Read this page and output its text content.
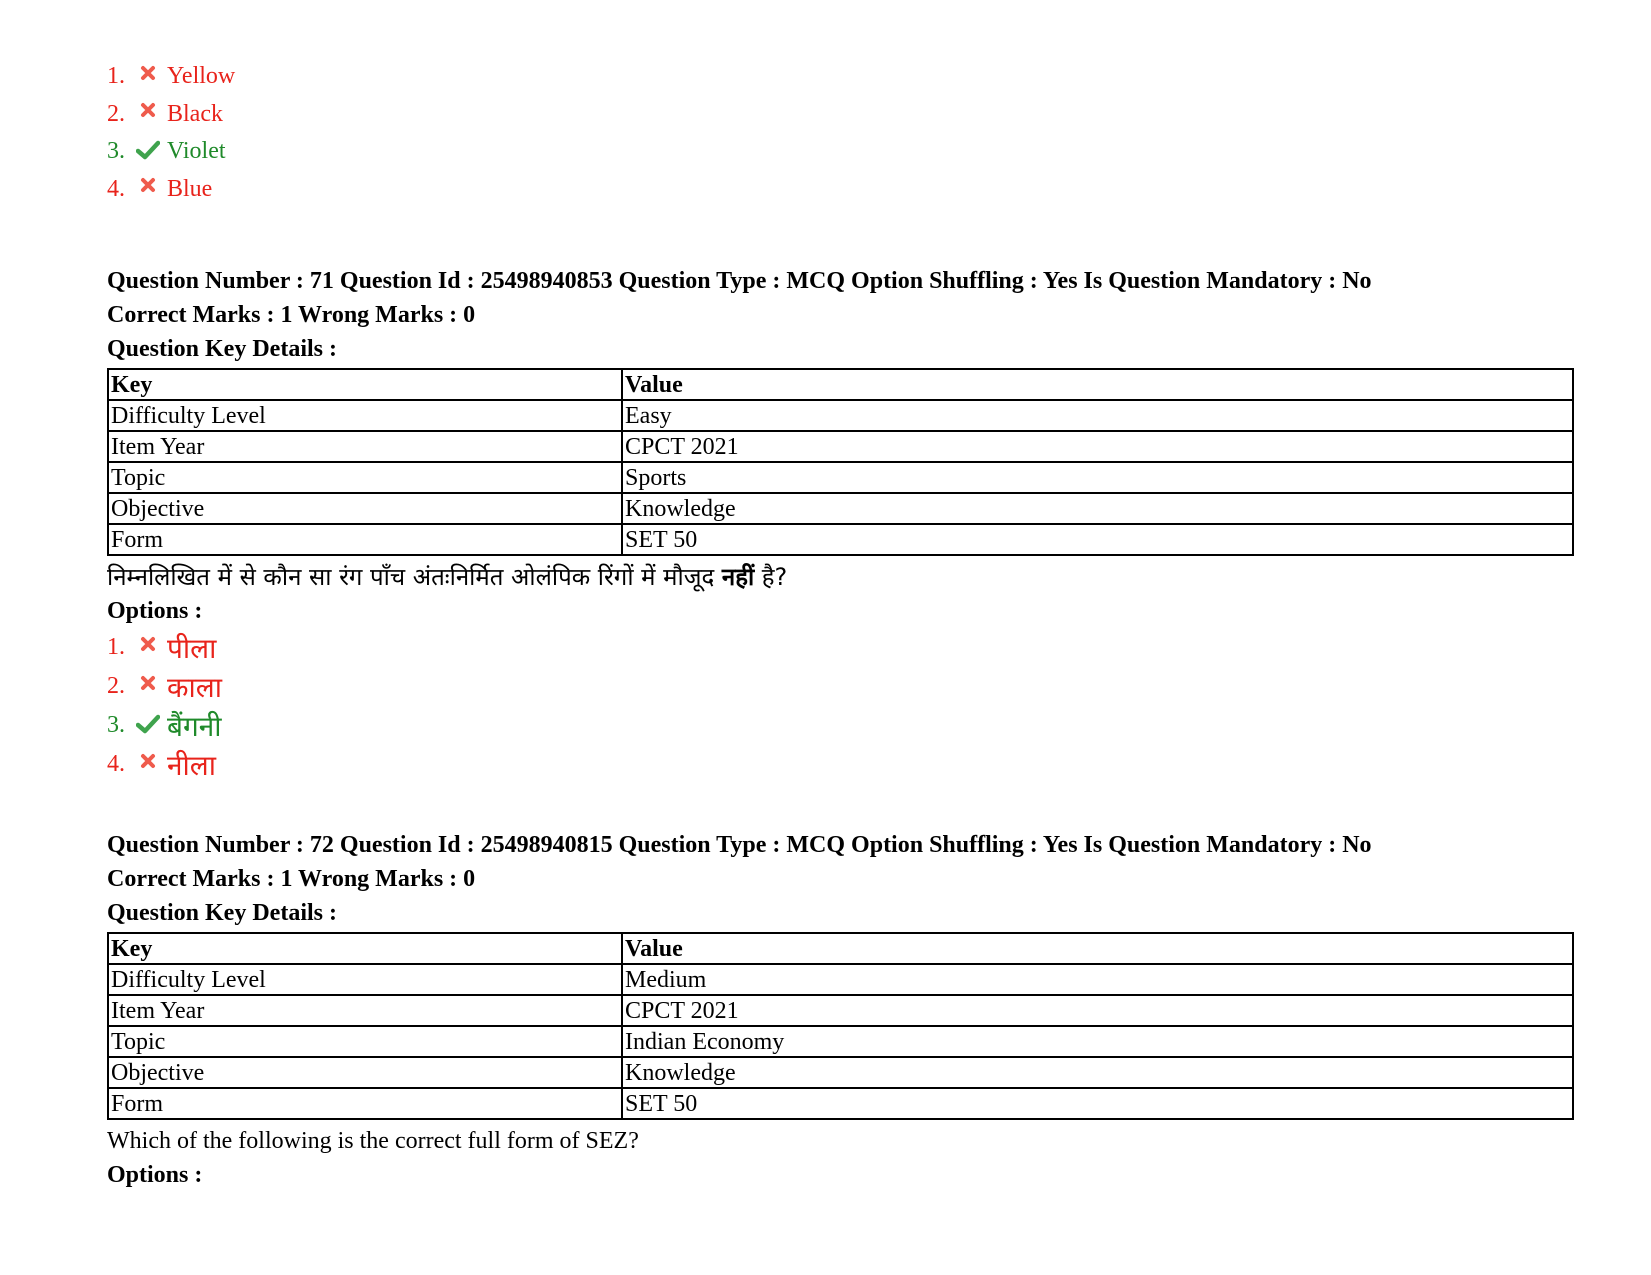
1.	Yellow
2.	Black
3.	Violet
4.	Blue
Question Number : 71 Question Id : 25498940853 Question Type : MCQ Option Shuffling : Yes Is Question Mandatory : No
Correct Marks : 1 Wrong Marks : 0
Question Key Details :
Key	Value
Difficulty Level	Easy
Item Year	CPCT 2021
Topic	Sports
Objective	Knowledge
Form	SET 50
निम्नलिखित में से कौन सा रंग पाँच अंतःनिर्मित ओलंपिक रिंगों में मौजूद नहीं है?
Options :
1.	पीला
2.	काला
3.	बैंगनी
4.	नीला
Question Number : 72 Question Id : 25498940815 Question Type : MCQ Option Shuffling : Yes Is Question Mandatory : No
Correct Marks : 1 Wrong Marks : 0
Question Key Details :
Key	Value
Difficulty Level	Medium
Item Year	CPCT 2021
Topic	Indian Economy
Objective	Knowledge
Form	SET 50
Which of the following is the correct full form of SEZ?
Options :
